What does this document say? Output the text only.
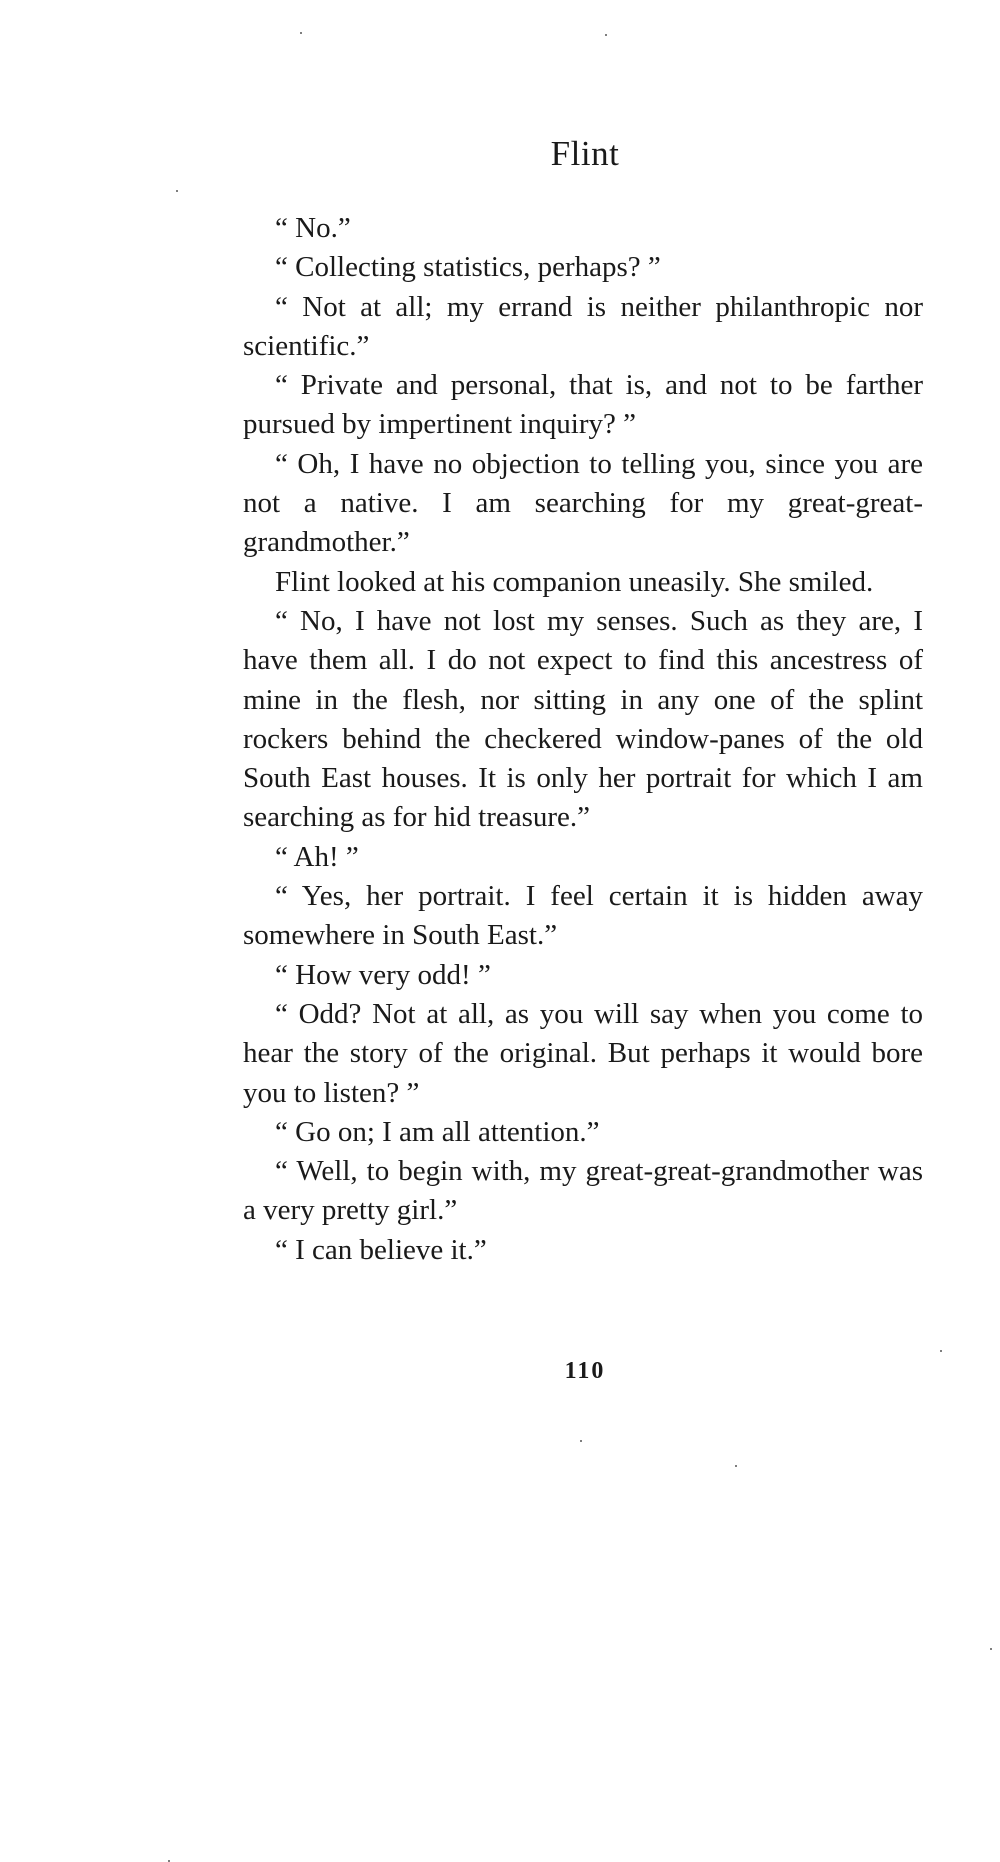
Flint

“ No.”

“ Collecting statistics, perhaps? ”

“ Not at all; my errand is neither philanthropic nor scientific.”

“ Private and personal, that is, and not to be farther pursued by impertinent inquiry? ”

“ Oh, I have no objection to telling you, since you are not a native. I am searching for my great-great-grandmother.”

Flint looked at his companion uneasily. She smiled.

“ No, I have not lost my senses. Such as they are, I have them all. I do not expect to find this ancestress of mine in the flesh, nor sitting in any one of the splint rockers behind the checkered window-panes of the old South East houses. It is only her portrait for which I am searching as for hid treasure.”

“ Ah! ”

“ Yes, her portrait. I feel certain it is hidden away somewhere in South East.”

“ How very odd! ”

“ Odd? Not at all, as you will say when you come to hear the story of the original. But perhaps it would bore you to listen? ”

“ Go on; I am all attention.”

“ Well, to begin with, my great-great-grandmother was a very pretty girl.”

“ I can believe it.”

110
